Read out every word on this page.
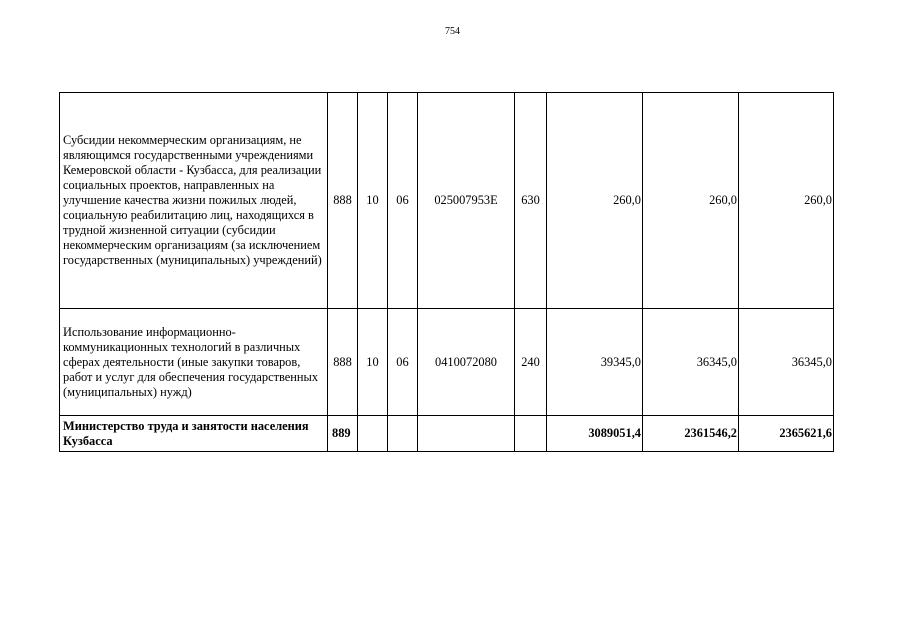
754
Субсидии некоммерческим организациям, не являющимся государственными учреждениями Кемеровской области - Кузбасса, для реализации социальных проектов, направленных на улучшение качества жизни пожилых людей, социальную реабилитацию лиц, находящихся в трудной жизненной ситуации (субсидии некоммерческим организациям (за исключением государственных (муниципальных) учреждений)	888	10	06	025007953Е	630	260,0	260,0	260,0
Использование информационно-коммуникационных технологий в различных сферах деятельности (иные закупки товаров, работ и услуг для обеспечения государственных (муниципальных) нужд)	888	10	06	0410072080	240	39345,0	36345,0	36345,0
Министерство труда и занятости населения Кузбасса	889					3089051,4	2361546,2	2365621,6
